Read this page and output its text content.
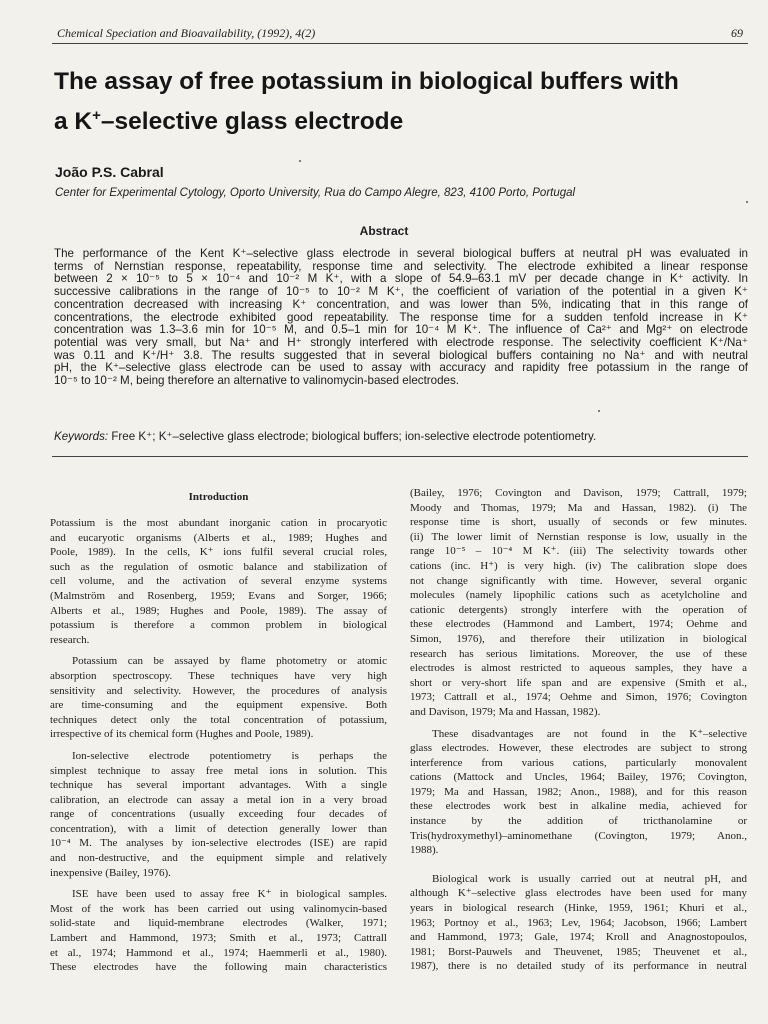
Chemical Speciation and Bioavailability, (1992), 4(2)	69
The assay of free potassium in biological buffers with
a K+–selective glass electrode
João P.S. Cabral
Center for Experimental Cytology, Oporto University, Rua do Campo Alegre, 823, 4100 Porto, Portugal
Abstract
The performance of the Kent K⁺–selective glass electrode in several biological buffers at neutral pH was evaluated in
terms of Nernstian response, repeatability, response time and selectivity. The electrode exhibited a linear response
between 2 × 10⁻⁵ to 5 × 10⁻⁴ and 10⁻² M K⁺, with a slope of 54.9–63.1 mV per decade change in K⁺ activity. In
successive calibrations in the range of 10⁻⁵ to 10⁻² M K⁺, the coefficient of variation of the potential in a given K⁺
concentration decreased with increasing K⁺ concentration, and was lower than 5%, indicating that in this range of
concentrations, the electrode exhibited good repeatability. The response time for a sudden tenfold increase in K⁺
concentration was 1.3–3.6 min for 10⁻⁵ M, and 0.5–1 min for 10⁻⁴ M K⁺. The influence of Ca²⁺ and Mg²⁺ on electrode
potential was very small, but Na⁺ and H⁺ strongly interfered with electrode response. The selectivity coefficient K⁺/Na⁺
was 0.11 and K⁺/H⁺ 3.8. The results suggested that in several biological buffers containing no Na⁺ and with neutral
pH, the K⁺–selective glass electrode can be used to assay with accuracy and rapidity free potassium in the range of
10⁻⁵ to 10⁻² M, being therefore an alternative to valinomycin-based electrodes.
Keywords: Free K⁺; K⁺–selective glass electrode; biological buffers; ion-selective electrode potentiometry.
Introduction
Potassium is the most abundant inorganic cation in procaryotic
and eucaryotic organisms (Alberts et al., 1989; Hughes and
Poole, 1989). In the cells, K⁺ ions fulfil several crucial roles,
such as the regulation of osmotic balance and stabilization of
cell volume, and the activation of several enzyme systems
(Malmström and Rosenberg, 1959; Evans and Sorger, 1966;
Alberts et al., 1989; Hughes and Poole, 1989). The assay of
potassium is therefore a common problem in biological
research.
Potassium can be assayed by flame photometry or atomic
absorption spectroscopy. These techniques have very high
sensitivity and selectivity. However, the procedures of analysis
are time-consuming and the equipment expensive. Both
techniques detect only the total concentration of potassium,
irrespective of its chemical form (Hughes and Poole, 1989).
Ion-selective electrode potentiometry is perhaps the
simplest technique to assay free metal ions in solution. This
technique has several important advantages. With a single
calibration, an electrode can assay a metal ion in a very broad
range of concentrations (usually exceeding four decades of
concentration), with a limit of detection generally lower than
10⁻⁴ M. The analyses by ion-selective electrodes (ISE) are rapid
and non-destructive, and the equipment simple and relatively
inexpensive (Bailey, 1976).
ISE have been used to assay free K⁺ in biological samples.
Most of the work has been carried out using valinomycin-based
solid-state and liquid-membrane electrodes (Walker, 1971;
Lambert and Hammond, 1973; Smith et al., 1973; Cattrall
et al., 1974; Hammond et al., 1974; Haemmerli et al., 1980).
These electrodes have the following main characteristics
(Bailey, 1976; Covington and Davison, 1979; Cattrall, 1979;
Moody and Thomas, 1979; Ma and Hassan, 1982). (i) The
response time is short, usually of seconds or few minutes.
(ii) The lower limit of Nernstian response is low, usually in the
range 10⁻⁵ – 10⁻⁴ M K⁺. (iii) The selectivity towards other
cations (inc. H⁺) is very high. (iv) The calibration slope does
not change significantly with time. However, several organic
molecules (namely lipophilic cations such as acetylcholine and
cationic detergents) strongly interfere with the operation of
these electrodes (Hammond and Lambert, 1974; Oehme and
Simon, 1976), and therefore their utilization in biological
research has serious limitations. Moreover, the use of these
electrodes is almost restricted to aqueous samples, they have a
short or very-short life span and are expensive (Smith et al.,
1973; Cattrall et al., 1974; Oehme and Simon, 1976; Covington
and Davison, 1979; Ma and Hassan, 1982).
These disadvantages are not found in the K⁺–selective
glass electrodes. However, these electrodes are subject to strong
interference from various cations, particularly monovalent
cations (Mattock and Uncles, 1964; Bailey, 1976; Covington,
1979; Ma and Hassan, 1982; Anon., 1988), and for this reason
these electrodes work best in alkaline media, achieved for
instance by the addition of tricthanolamine or
Tris(hydroxymethyl)–aminomethane (Covington, 1979; Anon.,
1988).
Biological work is usually carried out at neutral pH, and
although K⁺–selective glass electrodes have been used for many
years in biological research (Hinke, 1959, 1961; Khuri et al.,
1963; Portnoy et al., 1963; Lev, 1964; Jacobson, 1966; Lambert
and Hammond, 1973; Gale, 1974; Kroll and Anagnostopoulos,
1981; Borst-Pauwels and Theuvenet, 1985; Theuvenet et al.,
1987), there is no detailed study of its performance in neutral
